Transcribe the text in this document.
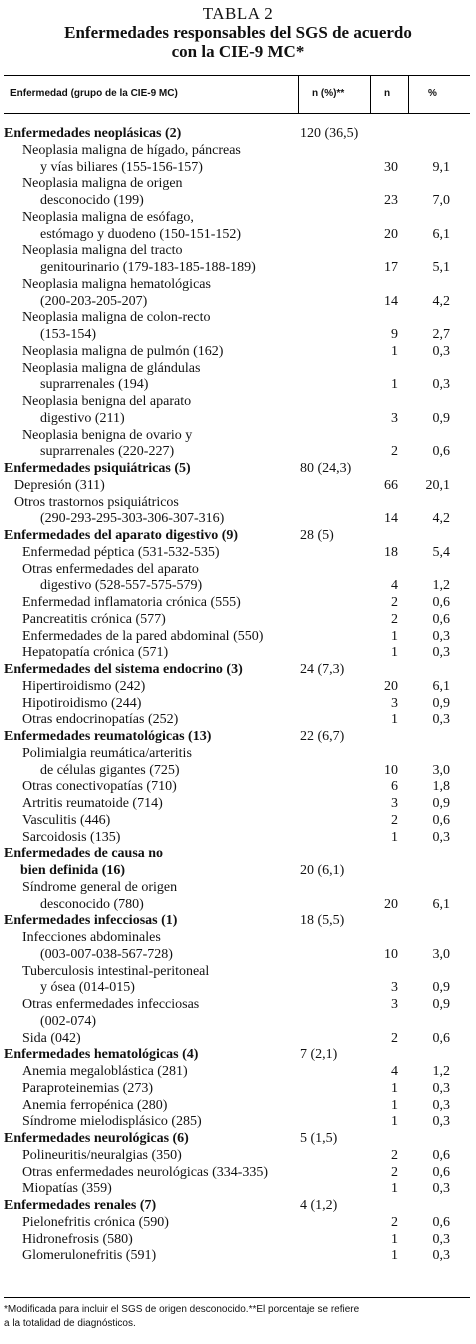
TABLA 2
Enfermedades responsables del SGS de acuerdo
con la CIE-9 MC*
Enfermedad (grupo de la CIE-9 MC)	n (%)**	n	%
Enfermedades neoplásicas (2)	120 (36,5)
Neoplasia maligna de hígado, páncreas
y vías biliares (155-156-157)	30 9,1
Neoplasia maligna de origen
desconocido (199)	23 7,0
Neoplasia maligna de esófago,
estómago y duodeno (150-151-152)	20 6,1
Neoplasia maligna del tracto
genitourinario (179-183-185-188-189)	17 5,1
Neoplasia maligna hematológicas
(200-203-205-207)	14 4,2
Neoplasia maligna de colon-recto
(153-154)	9 2,7
Neoplasia maligna de pulmón (162)	1 0,3
Neoplasia maligna de glándulas
suprarrenales (194)	1 0,3
Neoplasia benigna del aparato
digestivo (211)	3 0,9
Neoplasia benigna de ovario y
suprarrenales (220-227)	2 0,6
Enfermedades psiquiátricas (5)	80 (24,3)
Depresión (311)	66 20,1
Otros trastornos psiquiátricos
(290-293-295-303-306-307-316)	14 4,2
Enfermedades del aparato digestivo (9)	28 (5)
Enfermedad péptica (531-532-535)	18 5,4
Otras enfermedades del aparato
digestivo (528-557-575-579)	4 1,2
Enfermedad inflamatoria crónica (555)	2 0,6
Pancreatitis crónica (577)	2 0,6
Enfermedades de la pared abdominal (550)	1 0,3
Hepatopatía crónica (571)	1 0,3
Enfermedades del sistema endocrino (3)	24 (7,3)
Hipertiroidismo (242)	20 6,1
Hipotiroidismo (244)	3 0,9
Otras endocrinopatías (252)	1 0,3
Enfermedades reumatológicas (13)	22 (6,7)
Polimialgia reumática/arteritis
de células gigantes (725)	10 3,0
Otras conectivopatías (710)	6 1,8
Artritis reumatoide (714)	3 0,9
Vasculitis (446)	2 0,6
Sarcoidosis (135)	1 0,3
Enfermedades de causa no
bien definida (16)	20 (6,1)
Síndrome general de origen
desconocido (780)	20 6,1
Enfermedades infecciosas (1)	18 (5,5)
Infecciones abdominales
(003-007-038-567-728)	10 3,0
Tuberculosis intestinal-peritoneal
y ósea (014-015)	3 0,9
Otras enfermedades infecciosas	3 0,9
(002-074)
Sida (042)	2 0,6
Enfermedades hematológicas (4)	7 (2,1)
Anemia megaloblástica (281)	4 1,2
Paraproteinemias (273)	1 0,3
Anemia ferropénica (280)	1 0,3
Síndrome mielodisplásico (285)	1 0,3
Enfermedades neurológicas (6)	5 (1,5)
Polineuritis/neuralgias (350)	2 0,6
Otras enfermedades neurológicas (334-335)	2 0,6
Miopatías (359)	1 0,3
Enfermedades renales (7)	4 (1,2)
Pielonefritis crónica (590)	2 0,6
Hidronefrosis (580)	1 0,3
Glomerulonefritis (591)	1 0,3
*Modificada para incluir el SGS de origen desconocido.**El porcentaje se refiere
a la totalidad de diagnósticos.
